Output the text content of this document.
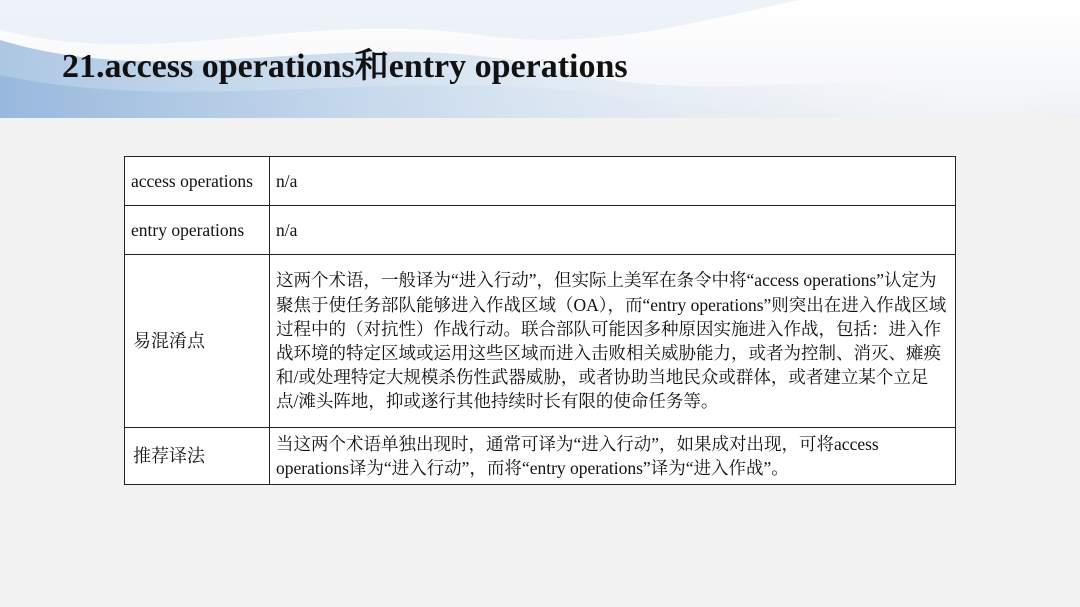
21.access operations和entry operations
access operations	n/a
entry operations	n/a
易混淆点	这两个术语，一般译为“进入行动”，但实际上美军在条令中将“access operations”认定为聚焦于使任务部队能够进入作战区域（OA），而“entry operations”则突出在进入作战区域过程中的（对抗性）作战行动。联合部队可能因多种原因实施进入作战，包括：进入作战环境的特定区域或运用这些区域而进入击败相关威胁能力，或者为控制、消灭、瘫痪和/或处理特定大规模杀伤性武器威胁，或者协助当地民众或群体，或者建立某个立足点/滩头阵地，抑或遂行其他持续时长有限的使命任务等。
推荐译法	当这两个术语单独出现时，通常可译为“进入行动”，如果成对出现，可将access operations译为“进入行动”，而将“entry operations”译为“进入作战”。
